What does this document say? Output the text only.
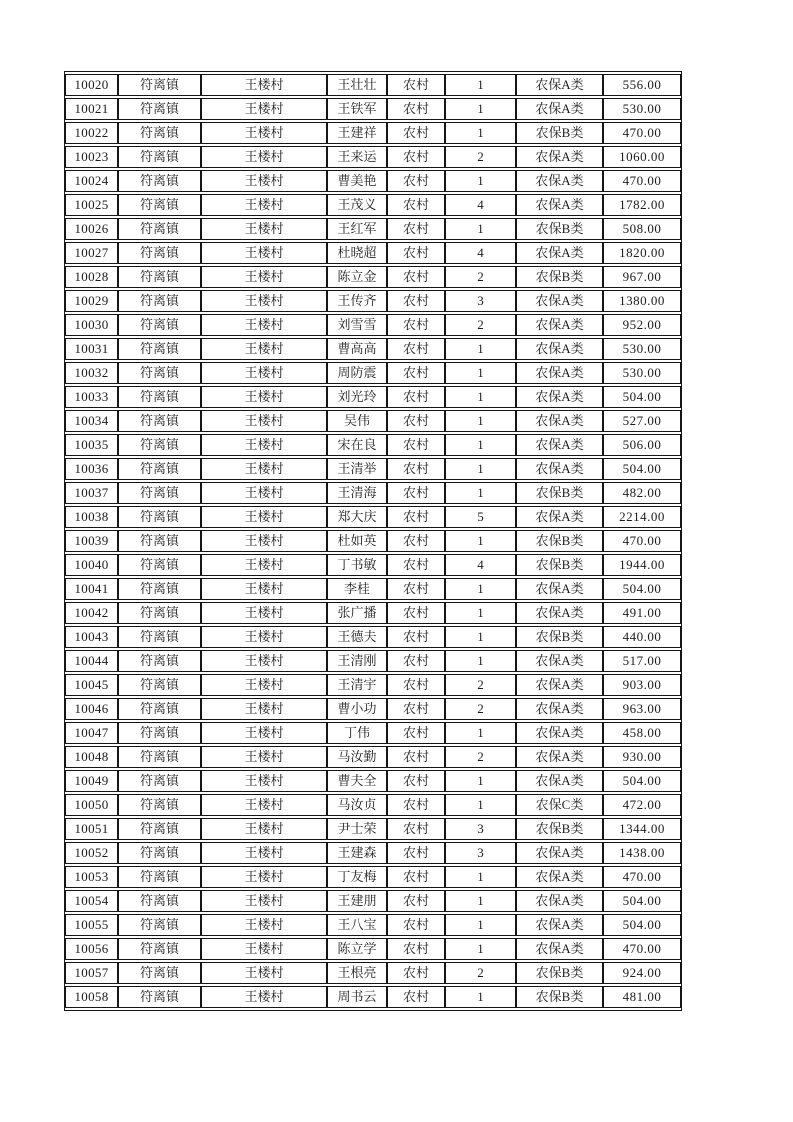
10020	符离镇	王楼村	王壮壮	农村	1	农保A类	556.00
10021	符离镇	王楼村	王铁军	农村	1	农保A类	530.00
10022	符离镇	王楼村	王建祥	农村	1	农保B类	470.00
10023	符离镇	王楼村	王来运	农村	2	农保A类	1060.00
10024	符离镇	王楼村	曹美艳	农村	1	农保A类	470.00
10025	符离镇	王楼村	王茂义	农村	4	农保A类	1782.00
10026	符离镇	王楼村	王红军	农村	1	农保B类	508.00
10027	符离镇	王楼村	杜晓超	农村	4	农保A类	1820.00
10028	符离镇	王楼村	陈立金	农村	2	农保B类	967.00
10029	符离镇	王楼村	王传齐	农村	3	农保A类	1380.00
10030	符离镇	王楼村	刘雪雪	农村	2	农保A类	952.00
10031	符离镇	王楼村	曹高高	农村	1	农保A类	530.00
10032	符离镇	王楼村	周防震	农村	1	农保A类	530.00
10033	符离镇	王楼村	刘光玲	农村	1	农保A类	504.00
10034	符离镇	王楼村	吴伟	农村	1	农保A类	527.00
10035	符离镇	王楼村	宋在良	农村	1	农保A类	506.00
10036	符离镇	王楼村	王清举	农村	1	农保A类	504.00
10037	符离镇	王楼村	王清海	农村	1	农保B类	482.00
10038	符离镇	王楼村	郑大庆	农村	5	农保A类	2214.00
10039	符离镇	王楼村	杜如英	农村	1	农保B类	470.00
10040	符离镇	王楼村	丁书敏	农村	4	农保B类	1944.00
10041	符离镇	王楼村	李桂	农村	1	农保A类	504.00
10042	符离镇	王楼村	张广播	农村	1	农保A类	491.00
10043	符离镇	王楼村	王德夫	农村	1	农保B类	440.00
10044	符离镇	王楼村	王清刚	农村	1	农保A类	517.00
10045	符离镇	王楼村	王清宇	农村	2	农保A类	903.00
10046	符离镇	王楼村	曹小功	农村	2	农保A类	963.00
10047	符离镇	王楼村	丁伟	农村	1	农保A类	458.00
10048	符离镇	王楼村	马汝勤	农村	2	农保A类	930.00
10049	符离镇	王楼村	曹夫全	农村	1	农保A类	504.00
10050	符离镇	王楼村	马汝贞	农村	1	农保C类	472.00
10051	符离镇	王楼村	尹士荣	农村	3	农保B类	1344.00
10052	符离镇	王楼村	王建森	农村	3	农保A类	1438.00
10053	符离镇	王楼村	丁友梅	农村	1	农保A类	470.00
10054	符离镇	王楼村	王建朋	农村	1	农保A类	504.00
10055	符离镇	王楼村	王八宝	农村	1	农保A类	504.00
10056	符离镇	王楼村	陈立学	农村	1	农保A类	470.00
10057	符离镇	王楼村	王根亮	农村	2	农保B类	924.00
10058	符离镇	王楼村	周书云	农村	1	农保B类	481.00
